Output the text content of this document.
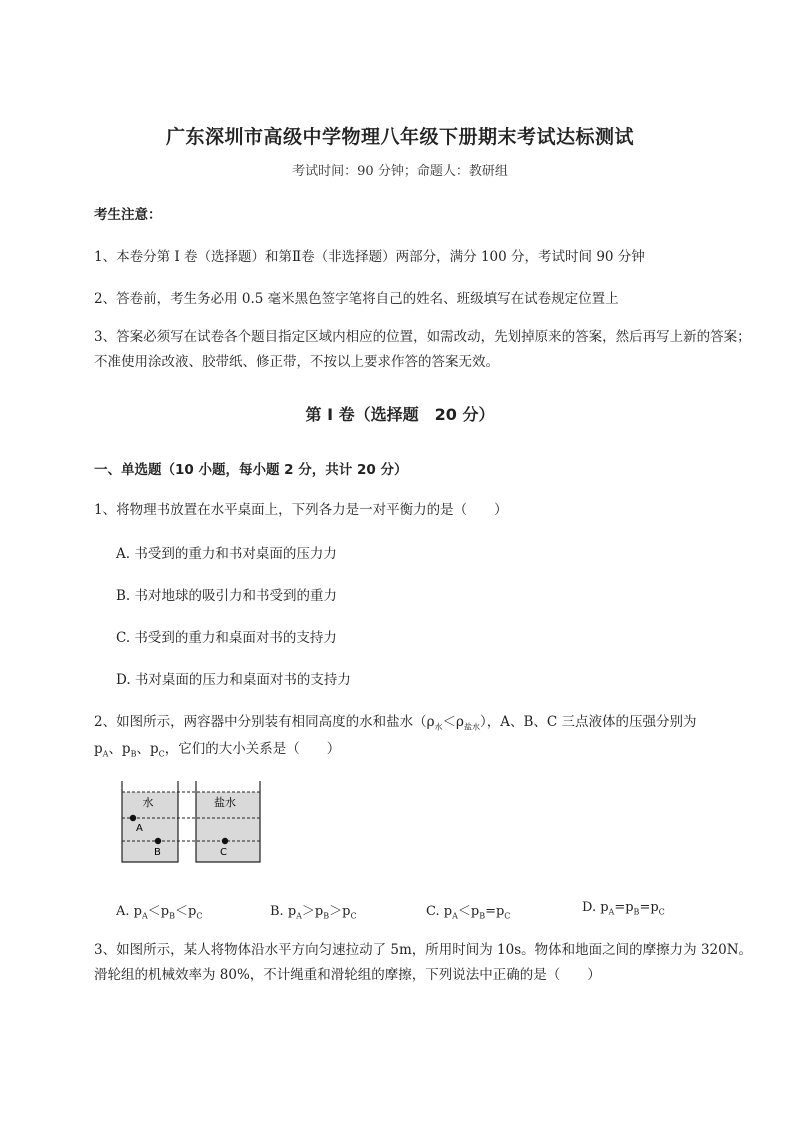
广东深圳市高级中学物理八年级下册期末考试达标测试
考试时间：90 分钟；命题人：教研组
考生注意：
1、本卷分第 I 卷（选择题）和第Ⅱ卷（非选择题）两部分，满分 100 分，考试时间 90 分钟
2、答卷前，考生务必用 0.5 毫米黑色签字笔将自己的姓名、班级填写在试卷规定位置上
3、答案必须写在试卷各个题目指定区域内相应的位置，如需改动，先划掉原来的答案，然后再写上新的答案；不准使用涂改液、胶带纸、修正带，不按以上要求作答的答案无效。
第 I 卷（选择题　20 分）
一、单选题（10 小题，每小题 2 分，共计 20 分）
1、将物理书放置在水平桌面上，下列各力是一对平衡力的是（　　）
A. 书受到的重力和书对桌面的压力力
B. 书对地球的吸引力和书受到的重力
C. 书受到的重力和桌面对书的支持力
D. 书对桌面的压力和桌面对书的支持力
2、如图所示，两容器中分别装有相同高度的水和盐水$(\rho_水<\rho_{盐水})$，A、B、C 三点液体的压强分别为
$p_A$、$p_B$、$p_C$，它们的大小关系是（　　）
水	盐水
A
B	C
A. $p_A<p_B<p_C$	B. $p_A>p_B>p_C$	C. $p_A<p_B=p_C$
D. $p_A=p_B=p_C$
3、如图所示，某人将物体沿水平方向匀速拉动了 5m，所用时间为 10s。物体和地面之间的摩擦力为 320N。滑轮组的机械效率为 80%，不计绳重和滑轮组的摩擦，下列说法中正确的是（　　）
